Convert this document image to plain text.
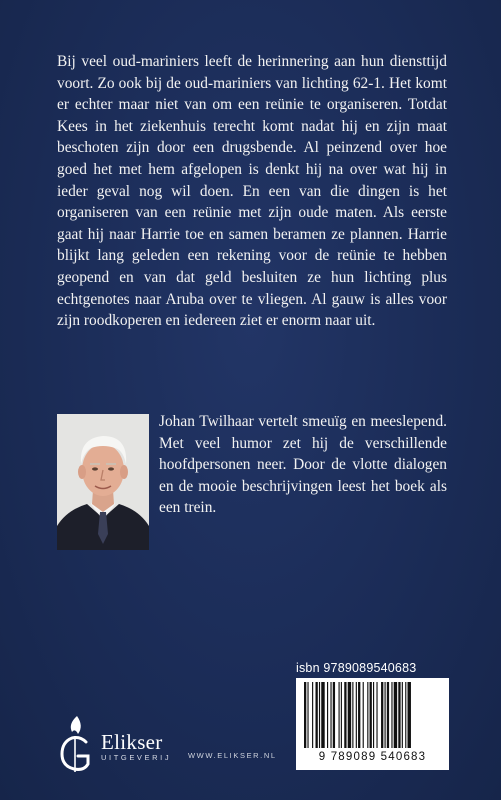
Bij veel oud-mariniers leeft de herinnering aan hun diensttijd voort. Zo ook bij de oud-mariniers van lichting 62-1. Het komt er echter maar niet van om een reünie te organiseren. Totdat Kees in het ziekenhuis terecht komt nadat hij en zijn maat beschoten zijn door een drugsbende. Al peinzend over hoe goed het met hem afgelopen is denkt hij na over wat hij in ieder geval nog wil doen. En een van die dingen is het organiseren van een reünie met zijn oude maten. Als eerste gaat hij naar Harrie toe en samen beramen ze plannen. Harrie blijkt lang geleden een rekening voor de reünie te hebben geopend en van dat geld besluiten ze hun lichting plus echtgenotes naar Aruba over te vliegen. Al gauw is alles voor zijn roodkoperen en iedereen ziet er enorm naar uit.

Johan Twilhaar vertelt smeuïg en meeslepend. Met veel humor zet hij de verschillende hoofdpersonen neer. Door de vlotte dialogen en de mooie beschrijvingen leest het boek als een trein.

Elikser
UITGEVERIJ WWW.ELIKSER.NL
isbn 9789089540683
9 789089 540683
